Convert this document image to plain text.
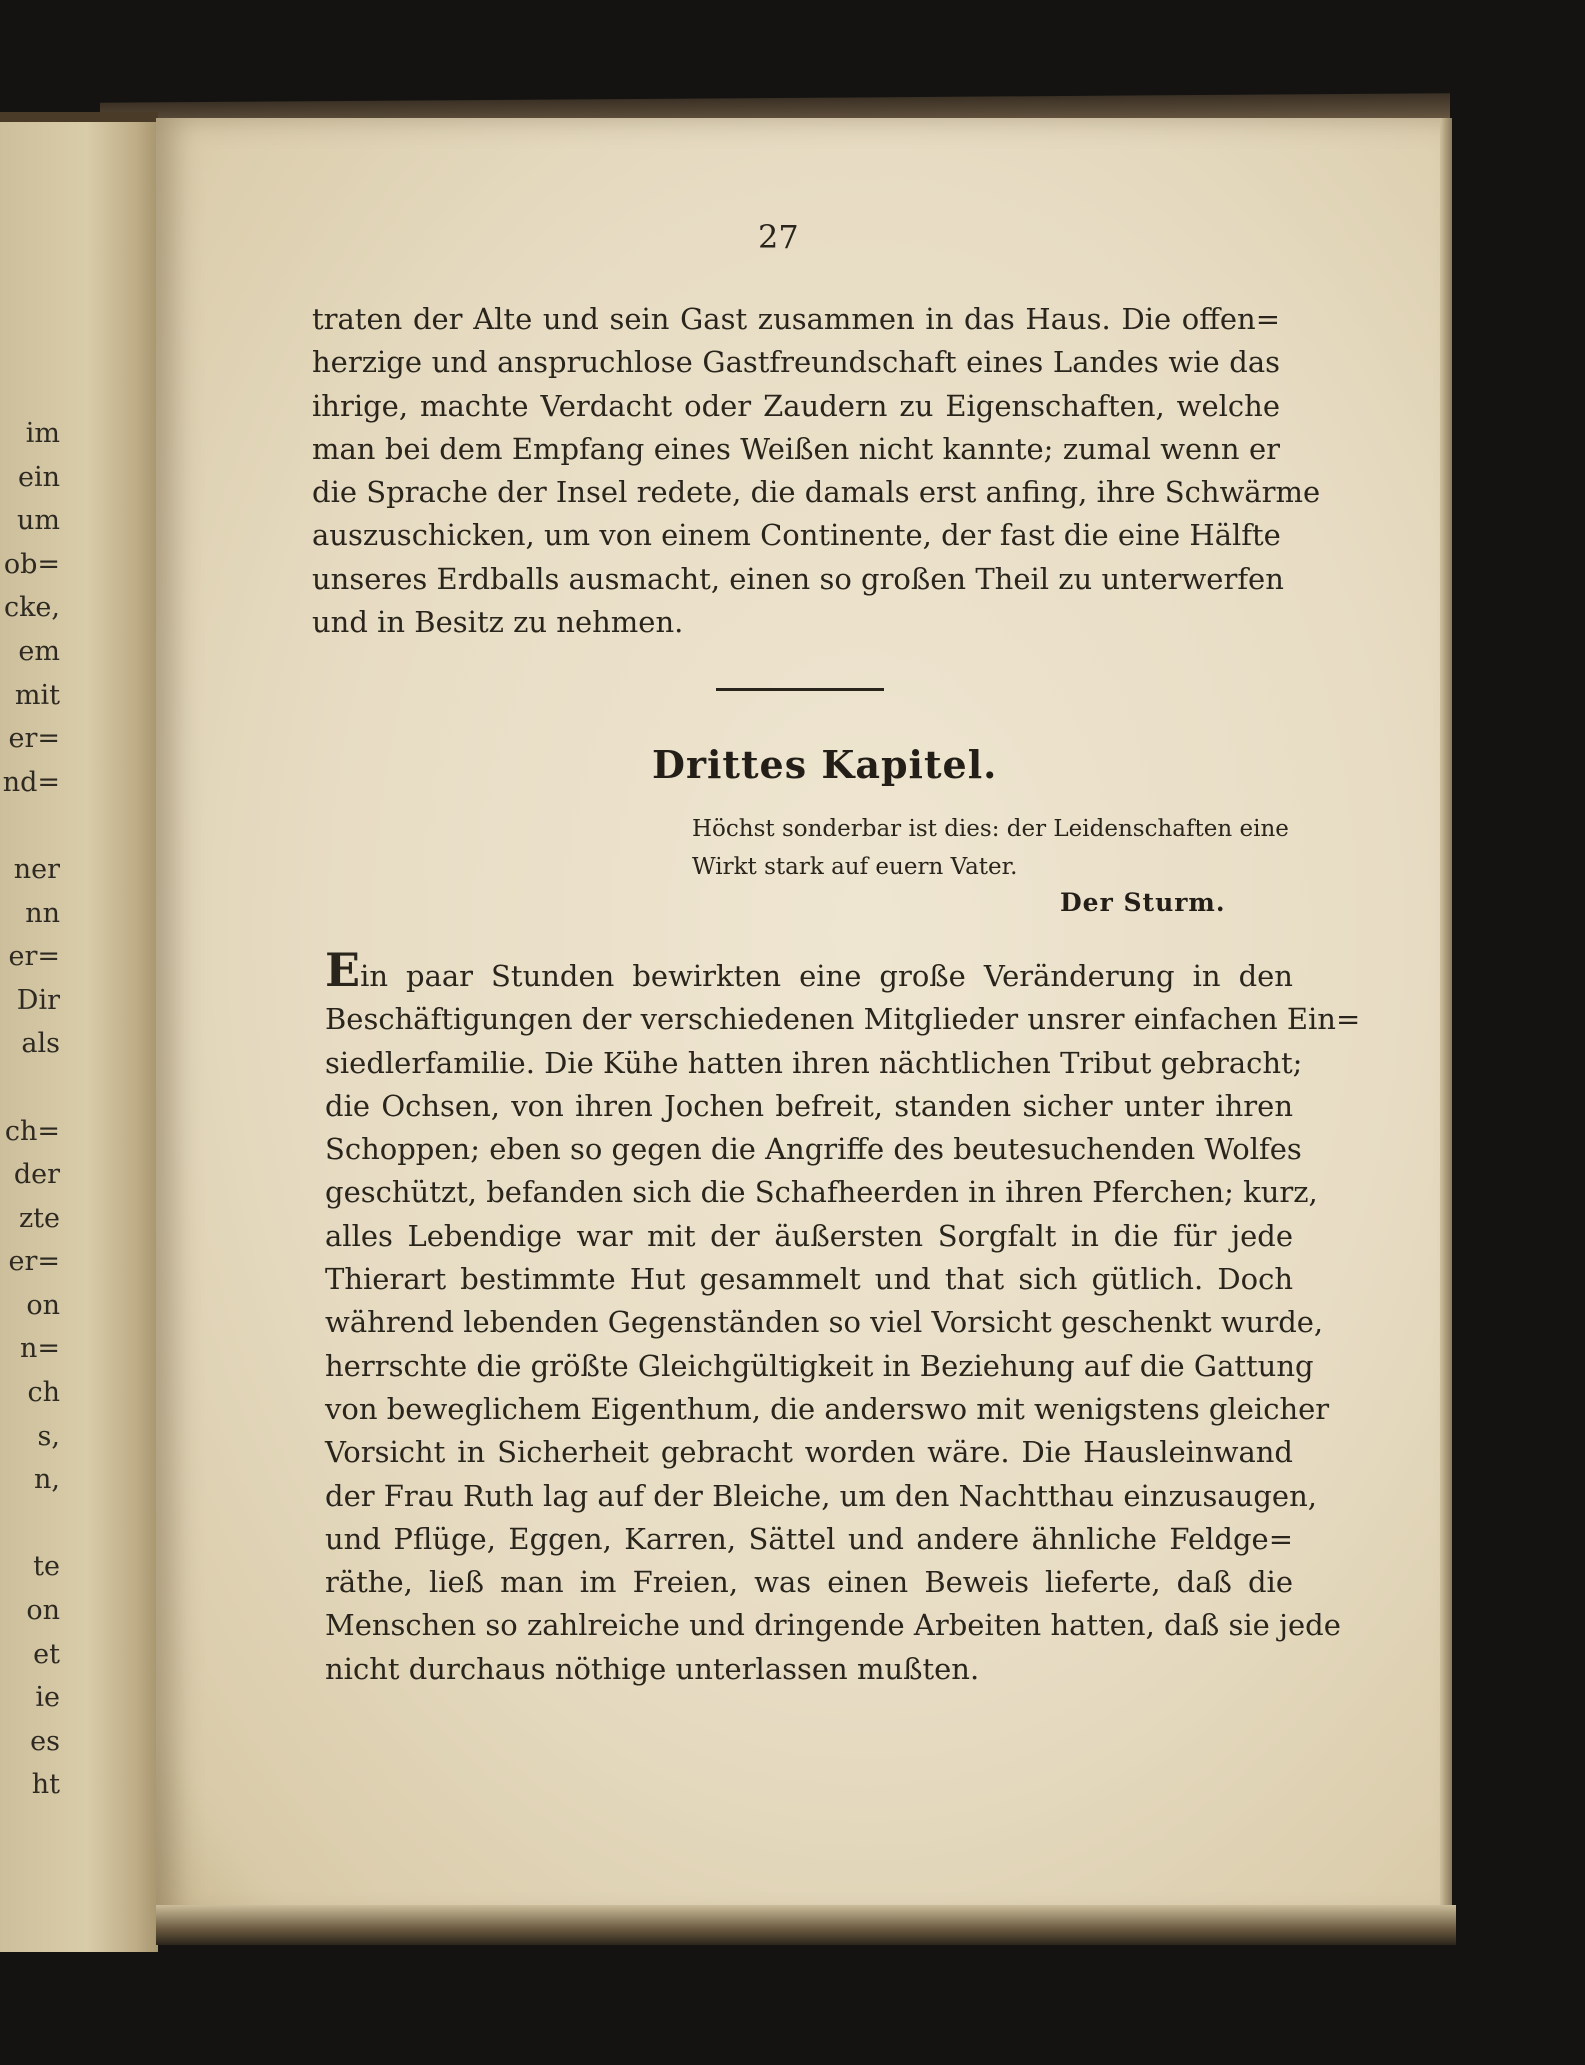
im
ein
um
ob=
cke,
em
mit
er=
nd=
ner
nn
er=
Dir
als
ch=
der
zte
er=
on
n=
ch
s,
n,
te
on
et
ie
es
ht
27
traten der Alte und sein Gast zusammen in das Haus. Die offen=
herzige und anspruchlose Gastfreundschaft eines Landes wie das
ihrige, machte Verdacht oder Zaudern zu Eigenschaften, welche
man bei dem Empfang eines Weißen nicht kannte; zumal wenn er
die Sprache der Insel redete, die damals erst anfing, ihre Schwärme
auszuschicken, um von einem Continente, der fast die eine Hälfte
unseres Erdballs ausmacht, einen so großen Theil zu unterwerfen
und in Besitz zu nehmen.
Drittes Kapitel.
Höchst sonderbar ist dies: der Leidenschaften eine
Wirkt stark auf euern Vater.
Der Sturm.
Ein paar Stunden bewirkten eine große Veränderung in den
Beschäftigungen der verschiedenen Mitglieder unsrer einfachen Ein=
siedlerfamilie. Die Kühe hatten ihren nächtlichen Tribut gebracht;
die Ochsen, von ihren Jochen befreit, standen sicher unter ihren
Schoppen; eben so gegen die Angriffe des beutesuchenden Wolfes
geschützt, befanden sich die Schafheerden in ihren Pferchen; kurz,
alles Lebendige war mit der äußersten Sorgfalt in die für jede
Thierart bestimmte Hut gesammelt und that sich gütlich. Doch
während lebenden Gegenständen so viel Vorsicht geschenkt wurde,
herrschte die größte Gleichgültigkeit in Beziehung auf die Gattung
von beweglichem Eigenthum, die anderswo mit wenigstens gleicher
Vorsicht in Sicherheit gebracht worden wäre. Die Hausleinwand
der Frau Ruth lag auf der Bleiche, um den Nachtthau einzusaugen,
und Pflüge, Eggen, Karren, Sättel und andere ähnliche Feldge=
räthe, ließ man im Freien, was einen Beweis lieferte, daß die
Menschen so zahlreiche und dringende Arbeiten hatten, daß sie jede
nicht durchaus nöthige unterlassen mußten.
